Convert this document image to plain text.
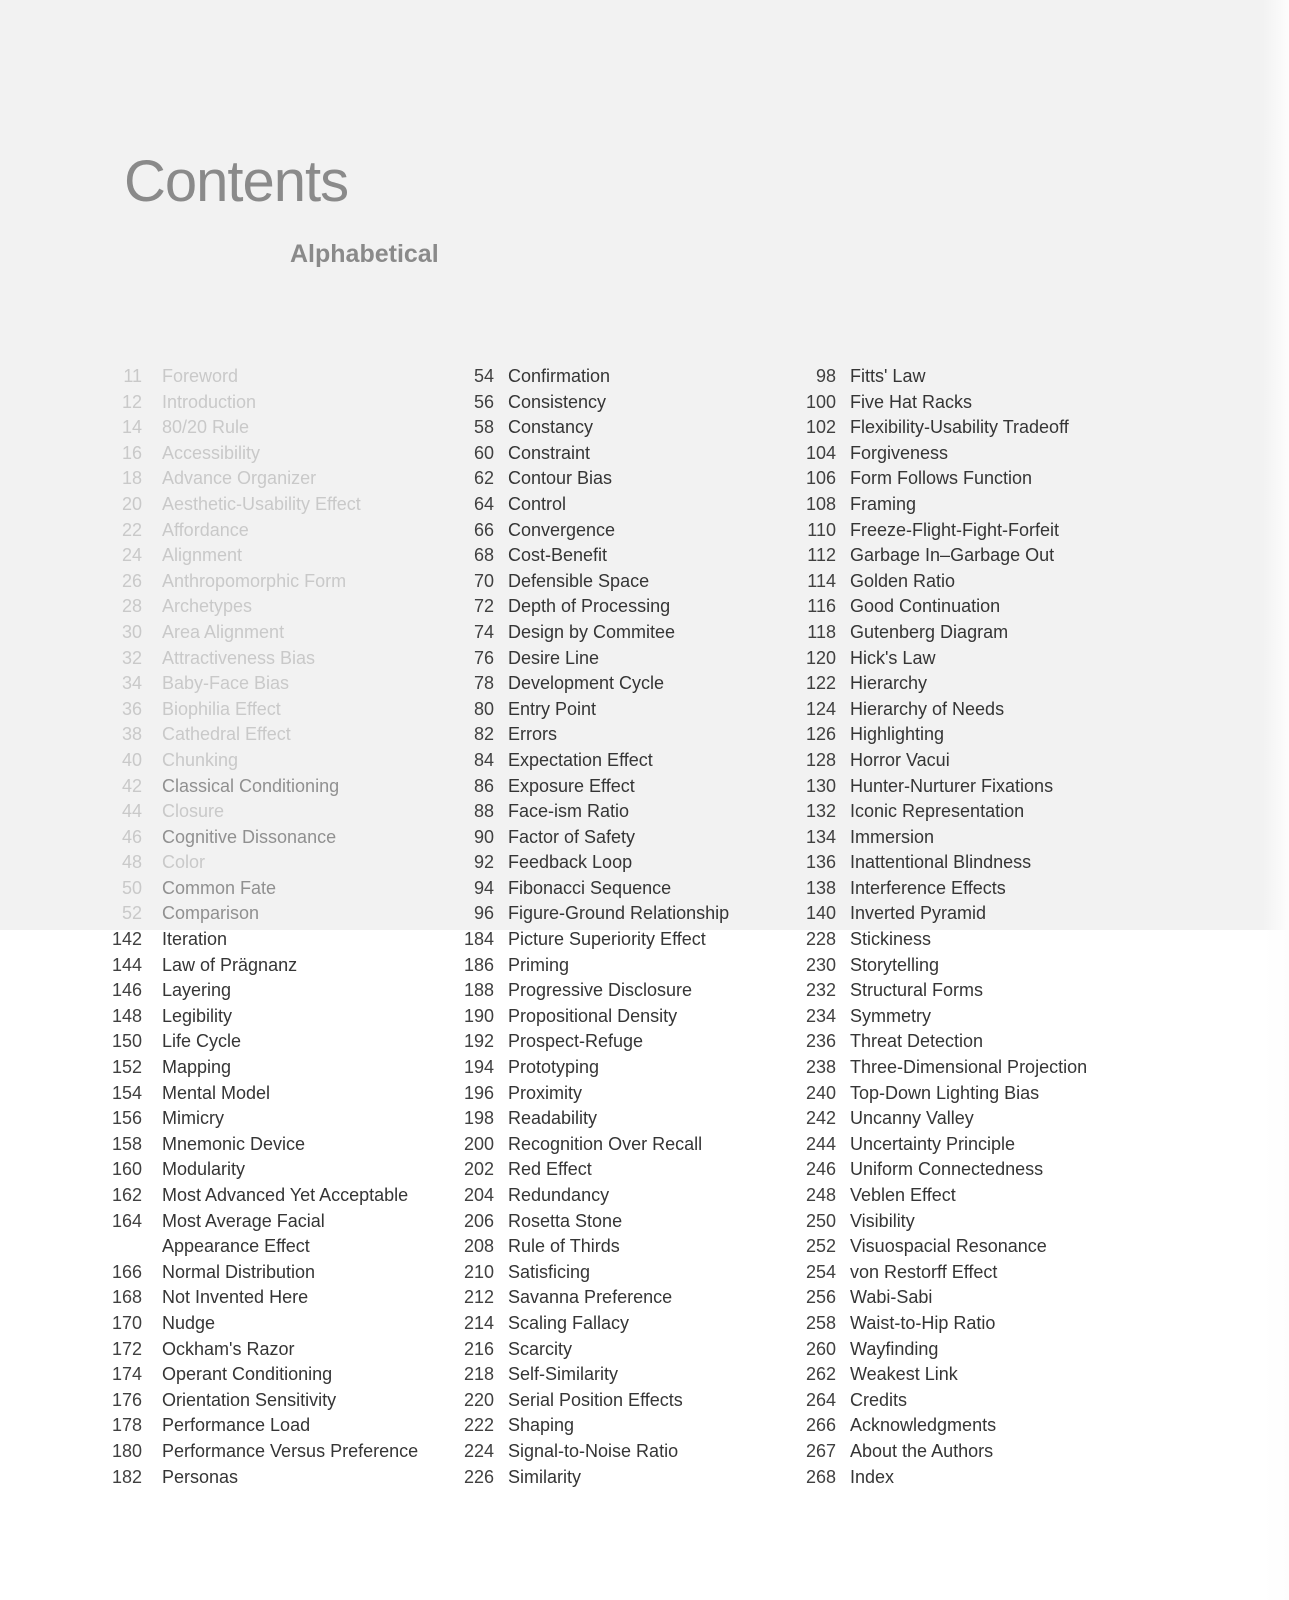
Contents
Alphabetical
11 Foreword
12 Introduction
14 80/20 Rule
16 Accessibility
18 Advance Organizer
20 Aesthetic-Usability Effect
22 Affordance
24 Alignment
26 Anthropomorphic Form
28 Archetypes
30 Area Alignment
32 Attractiveness Bias
34 Baby-Face Bias
36 Biophilia Effect
38 Cathedral Effect
40 Chunking
42 Classical Conditioning
44 Closure
46 Cognitive Dissonance
48 Color
50 Common Fate
52 Comparison
142 Iteration
144 Law of Prägnanz
146 Layering
148 Legibility
150 Life Cycle
152 Mapping
154 Mental Model
156 Mimicry
158 Mnemonic Device
160 Modularity
162 Most Advanced Yet Acceptable
164 Most Average Facial
Appearance Effect
166 Normal Distribution
168 Not Invented Here
170 Nudge
172 Ockham's Razor
174 Operant Conditioning
176 Orientation Sensitivity
178 Performance Load
180 Performance Versus Preference
182 Personas
54 Confirmation
56 Consistency
58 Constancy
60 Constraint
62 Contour Bias
64 Control
66 Convergence
68 Cost-Benefit
70 Defensible Space
72 Depth of Processing
74 Design by Commitee
76 Desire Line
78 Development Cycle
80 Entry Point
82 Errors
84 Expectation Effect
86 Exposure Effect
88 Face-ism Ratio
90 Factor of Safety
92 Feedback Loop
94 Fibonacci Sequence
96 Figure-Ground Relationship
184 Picture Superiority Effect
186 Priming
188 Progressive Disclosure
190 Propositional Density
192 Prospect-Refuge
194 Prototyping
196 Proximity
198 Readability
200 Recognition Over Recall
202 Red Effect
204 Redundancy
206 Rosetta Stone
208 Rule of Thirds
210 Satisficing
212 Savanna Preference
214 Scaling Fallacy
216 Scarcity
218 Self-Similarity
220 Serial Position Effects
222 Shaping
224 Signal-to-Noise Ratio
226 Similarity
98 Fitts' Law
100 Five Hat Racks
102 Flexibility-Usability Tradeoff
104 Forgiveness
106 Form Follows Function
108 Framing
110 Freeze-Flight-Fight-Forfeit
112 Garbage In–Garbage Out
114 Golden Ratio
116 Good Continuation
118 Gutenberg Diagram
120 Hick's Law
122 Hierarchy
124 Hierarchy of Needs
126 Highlighting
128 Horror Vacui
130 Hunter-Nurturer Fixations
132 Iconic Representation
134 Immersion
136 Inattentional Blindness
138 Interference Effects
140 Inverted Pyramid
228 Stickiness
230 Storytelling
232 Structural Forms
234 Symmetry
236 Threat Detection
238 Three-Dimensional Projection
240 Top-Down Lighting Bias
242 Uncanny Valley
244 Uncertainty Principle
246 Uniform Connectedness
248 Veblen Effect
250 Visibility
252 Visuospacial Resonance
254 von Restorff Effect
256 Wabi-Sabi
258 Waist-to-Hip Ratio
260 Wayfinding
262 Weakest Link
264 Credits
266 Acknowledgments
267 About the Authors
268 Index
